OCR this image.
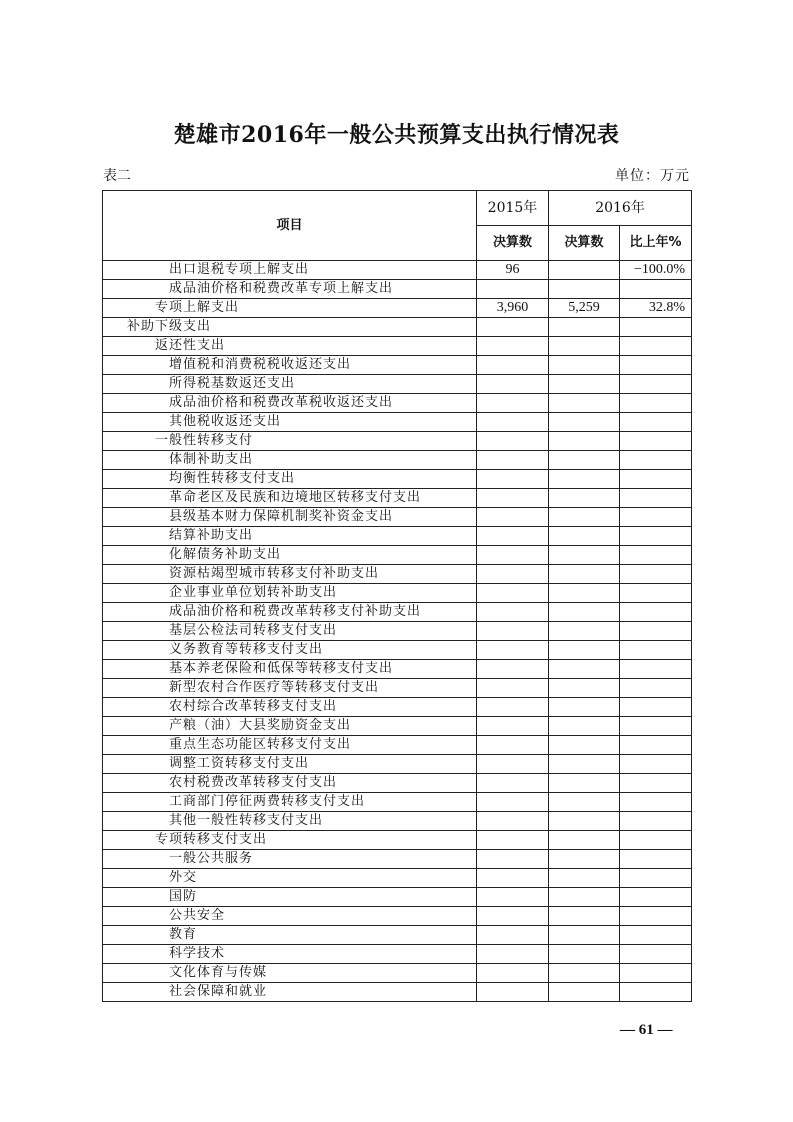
楚雄市2016年一般公共预算支出执行情况表
表二	单位：万元
项目	2015年	2016年	
	决算数	决算数	比上年%
出口退税专项上解支出	96		−100.0%
成品油价格和税费改革专项上解支出			
专项上解支出	3,960	5,259	32.8%
补助下级支出			
返还性支出			
增值税和消费税税收返还支出			
所得税基数返还支出			
成品油价格和税费改革税收返还支出			
其他税收返还支出			
一般性转移支付			
体制补助支出			
均衡性转移支付支出			
革命老区及民族和边境地区转移支付支出			
县级基本财力保障机制奖补资金支出			
结算补助支出			
化解债务补助支出			
资源枯竭型城市转移支付补助支出			
企业事业单位划转补助支出			
成品油价格和税费改革转移支付补助支出			
基层公检法司转移支付支出			
义务教育等转移支付支出			
基本养老保险和低保等转移支付支出			
新型农村合作医疗等转移支付支出			
农村综合改革转移支付支出			
产粮（油）大县奖励资金支出			
重点生态功能区转移支付支出			
调整工资转移支付支出			
农村税费改革转移支付支出			
工商部门停征两费转移支付支出			
其他一般性转移支付支出			
专项转移支付支出			
一般公共服务			
外交			
国防			
公共安全			
教育			
科学技术			
文化体育与传媒			
社会保障和就业			
— 61 —
